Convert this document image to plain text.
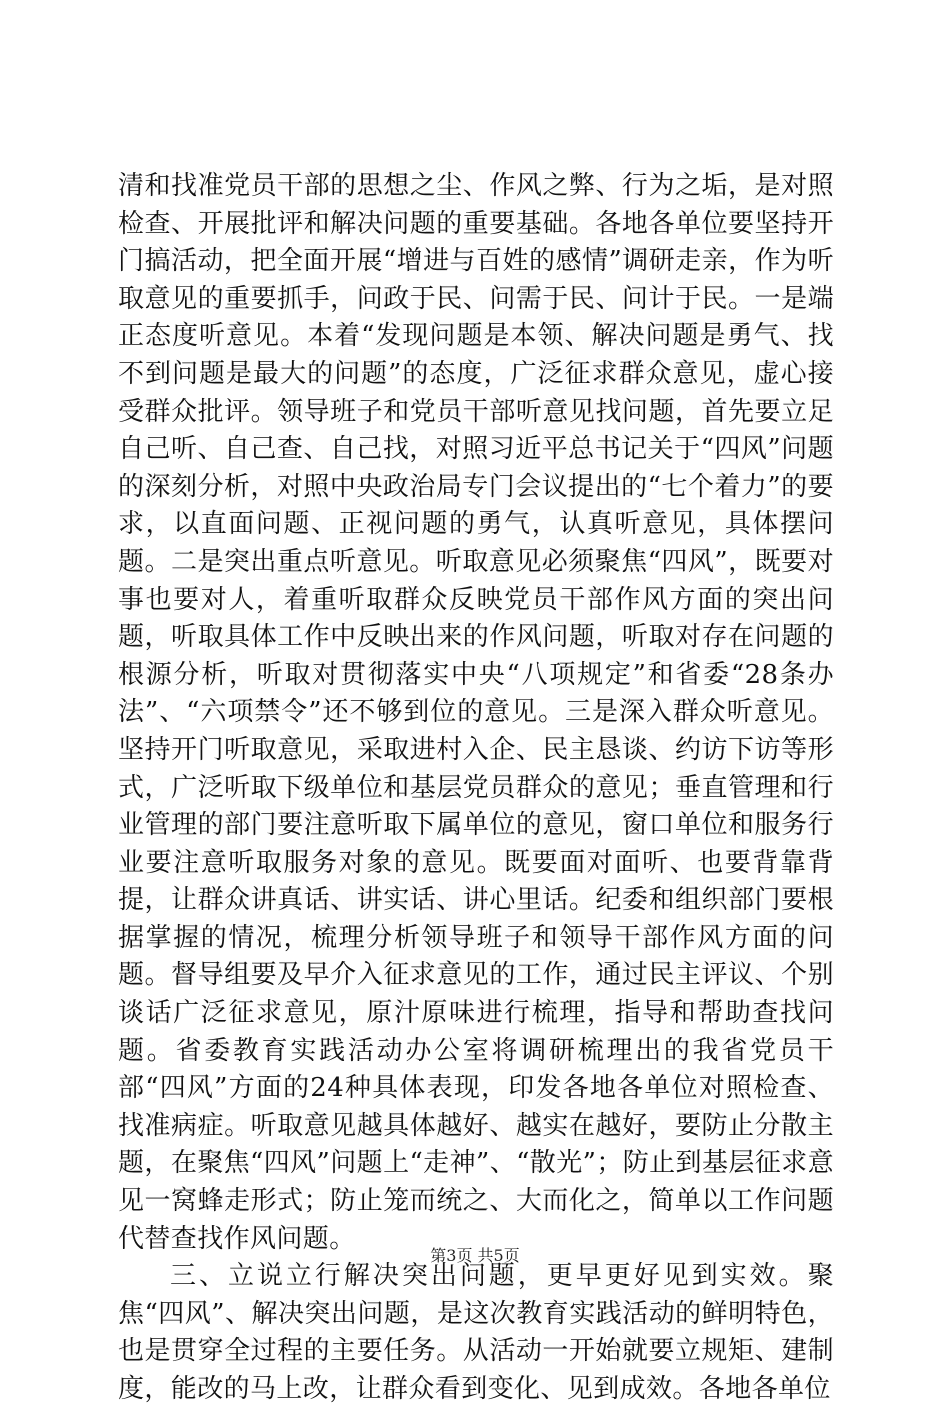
清和找准党员干部的思想之尘、作风之弊、行为之垢，是对照检查、开展批评和解决问题的重要基础。各地各单位要坚持开门搞活动，把全面开展“增进与百姓的感情”调研走亲，作为听取意见的重要抓手，问政于民、问需于民、问计于民。一是端正态度听意见。本着“发现问题是本领、解决问题是勇气、找不到问题是最大的问题”的态度，广泛征求群众意见，虚心接受群众批评。领导班子和党员干部听意见找问题，首先要立足自己听、自己查、自己找，对照习近平总书记关于“四风”问题的深刻分析，对照中央政治局专门会议提出的“七个着力”的要求，以直面问题、正视问题的勇气，认真听意见，具体摆问题。二是突出重点听意见。听取意见必须聚焦“四风”，既要对事也要对人，着重听取群众反映党员干部作风方面的突出问题，听取具体工作中反映出来的作风问题，听取对存在问题的根源分析，听取对贯彻落实中央“八项规定”和省委“28条办法”、“六项禁令”还不够到位的意见。三是深入群众听意见。坚持开门听取意见，采取进村入企、民主恳谈、约访下访等形式，广泛听取下级单位和基层党员群众的意见；垂直管理和行业管理的部门要注意听取下属单位的意见，窗口单位和服务行业要注意听取服务对象的意见。既要面对面听、也要背靠背提，让群众讲真话、讲实话、讲心里话。纪委和组织部门要根据掌握的情况，梳理分析领导班子和领导干部作风方面的问题。督导组要及早介入征求意见的工作，通过民主评议、个别谈话广泛征求意见，原汁原味进行梳理，指导和帮助查找问题。省委教育实践活动办公室将调研梳理出的我省党员干部“四风”方面的24种具体表现，印发各地各单位对照检查、找准病症。听取意见越具体越好、越实在越好，要防止分散主题，在聚焦“四风”问题上“走神”、“散光”；防止到基层征求意见一窝蜂走形式；防止笼而统之、大而化之，简单以工作问题代替查找作风问题。

三、立说立行解决突出问题，更早更好见到实效。聚焦“四风”、解决突出问题，是这次教育实践活动的鲜明特色，也是贯穿全过程的主要任务。从活动一开始就要立规矩、建制度，能改的马上改，让群众看到变化、见到成效。各地各单位

第3页 共5页
